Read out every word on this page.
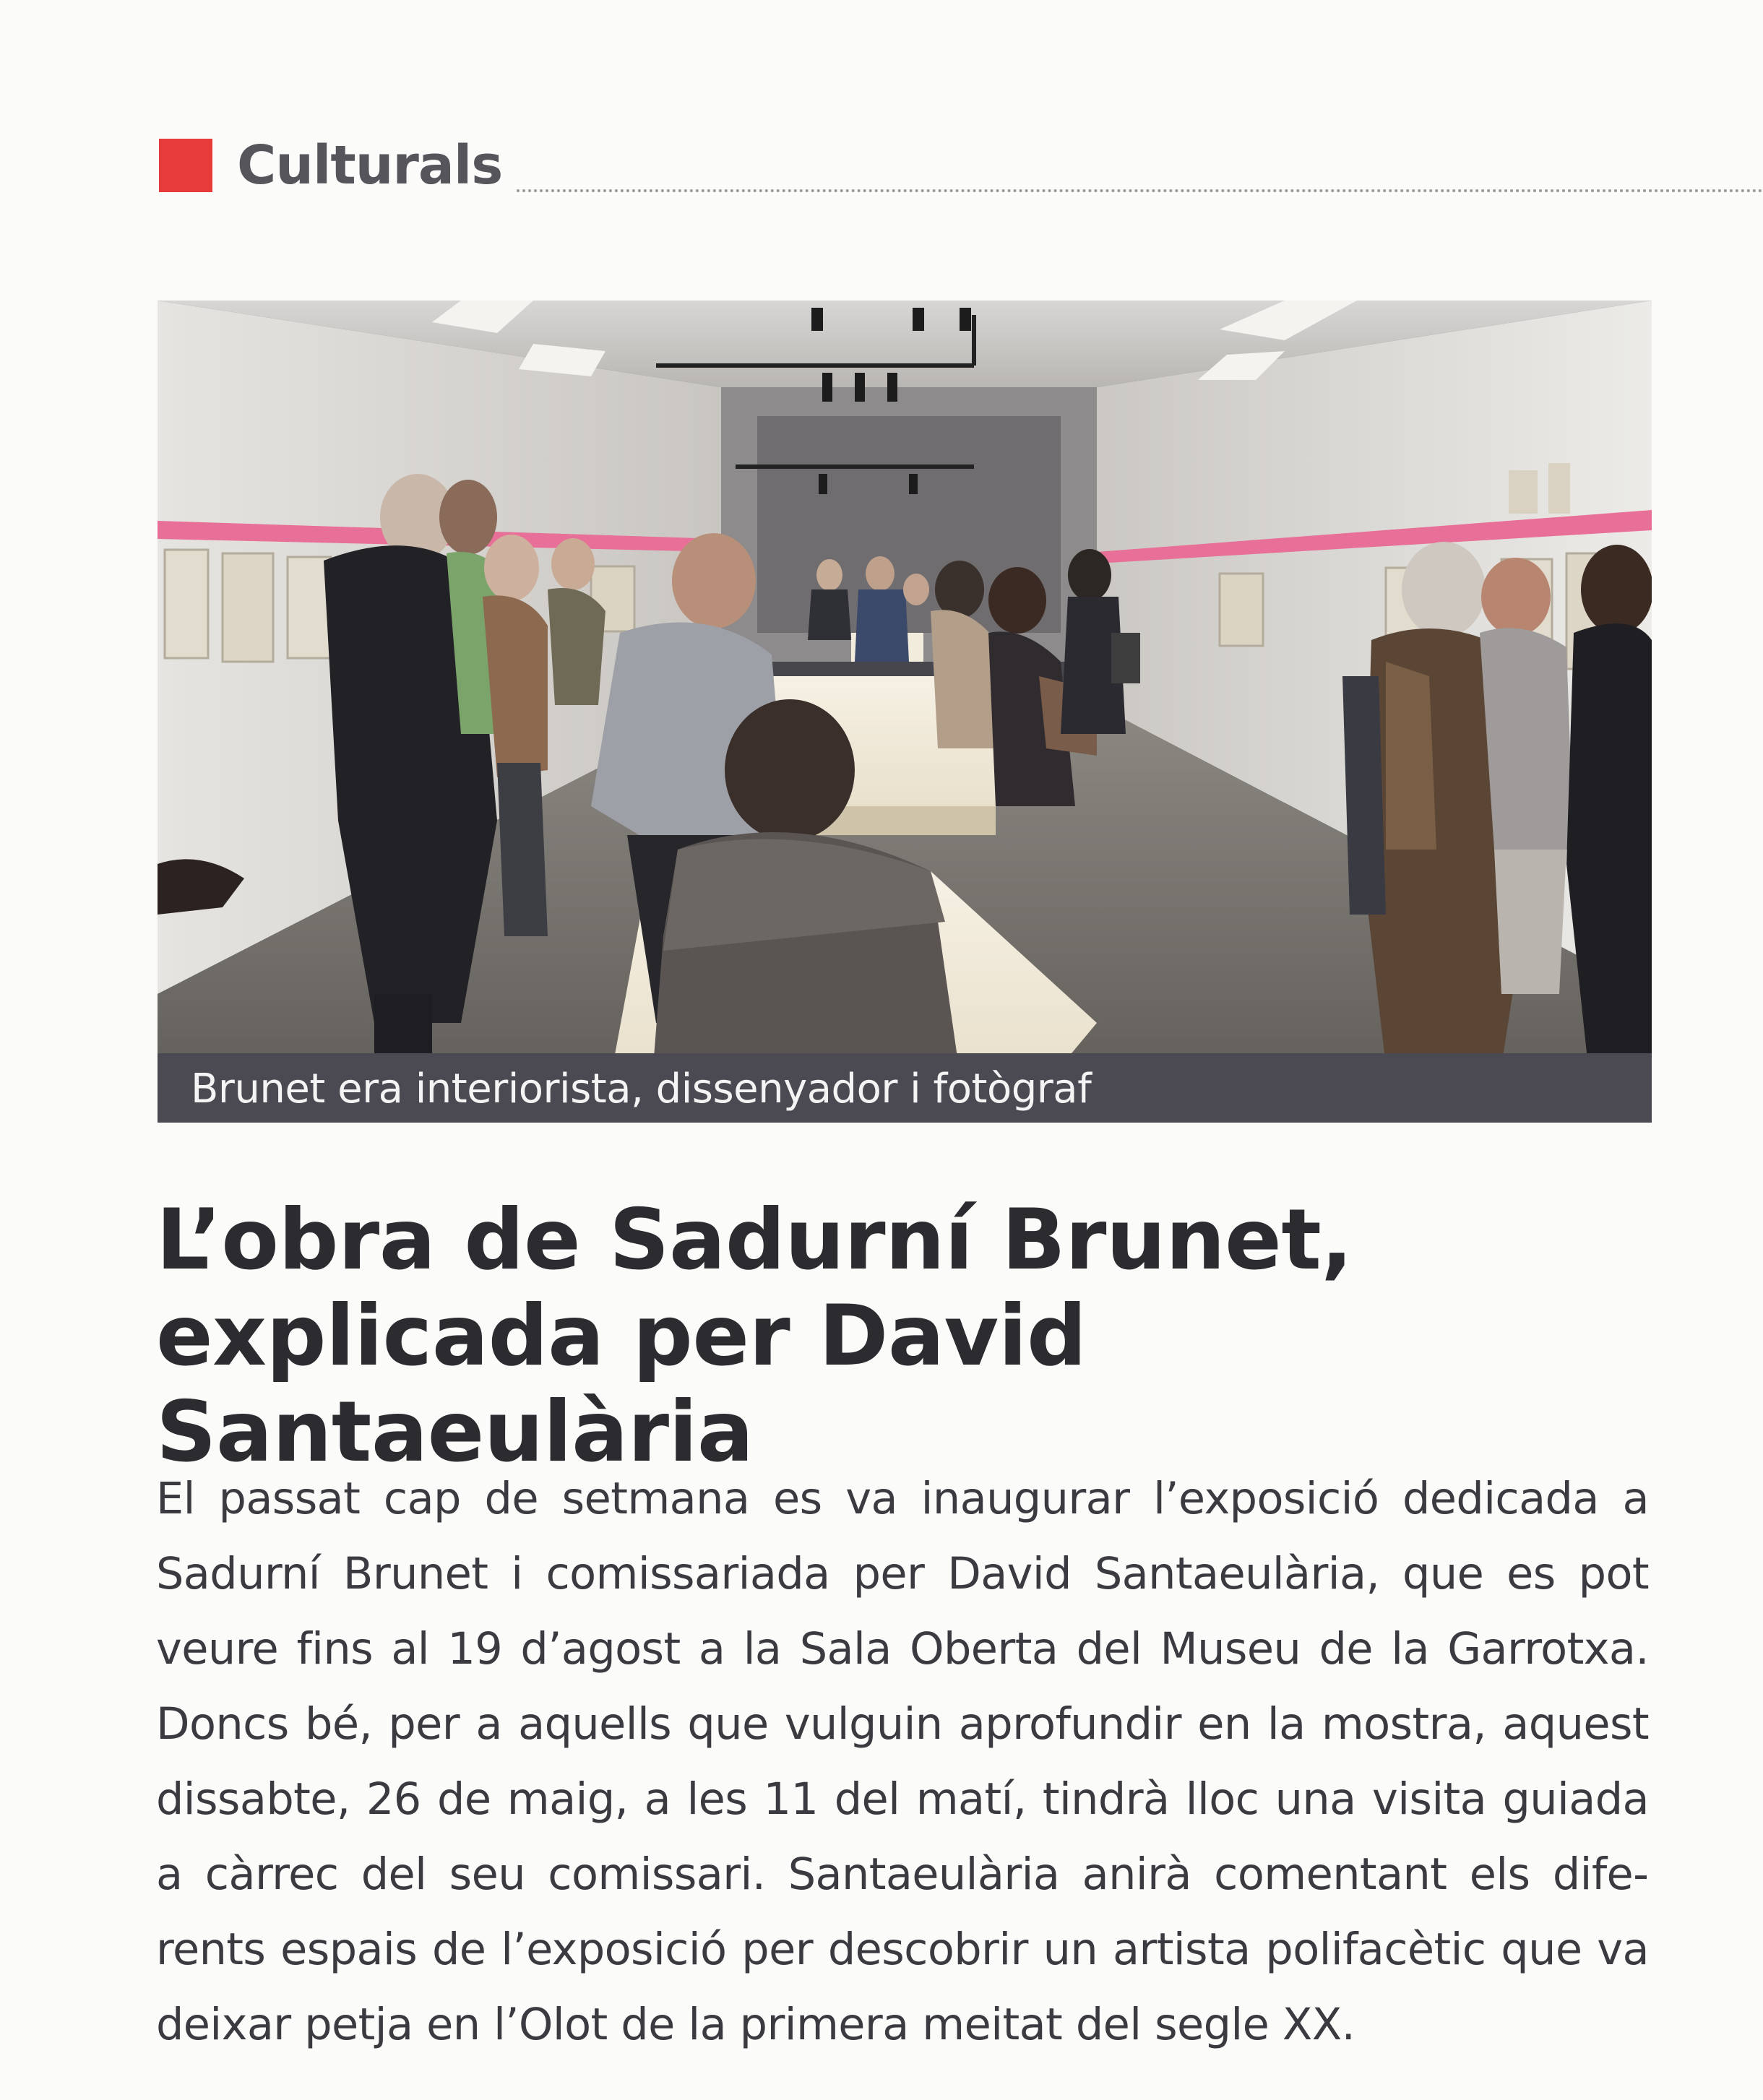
Culturals
Brunet era interiorista, dissenyador i fotògraf
L’obra de Sadurní Brunet,
explicada per David Santaeulària

El passat cap de setmana es va inaugurar l’exposició dedicada a Sadurní Brunet i comissariada per David Santaeulària, que es pot veure fins al 19 d’agost a la Sala Oberta del Museu de la Garrotxa. Doncs bé, per a aquells que vulguin aprofundir en la mostra, aquest dissabte, 26 de maig, a les 11 del matí, tindrà lloc una visita guiada a càrrec del seu comissari. Santaeulària anirà comentant els diferents espais de l’exposició per descobrir un artista polifacètic que va deixar petja en l’Olot de la primera meitat del segle XX.
